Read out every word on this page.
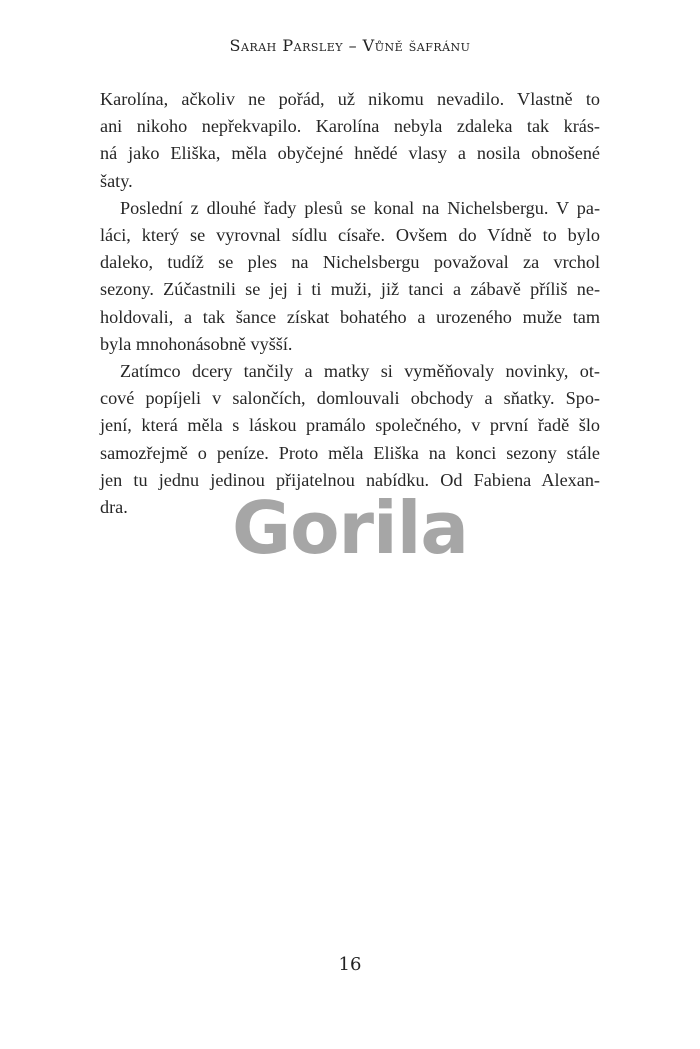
Sarah Parsley – Vůně šafránu

Karolína, ačkoliv ne pořád, už nikomu nevadilo. Vlastně to
ani nikoho nepřekvapilo. Karolína nebyla zdaleka tak krás-
ná jako Eliška, měla obyčejné hnědé vlasy a nosila obnošené
šaty.

Poslední z dlouhé řady plesů se konal na Nichelsbergu. V pa-
láci, který se vyrovnal sídlu císaře. Ovšem do Vídně to bylo
daleko, tudíž se ples na Nichelsbergu považoval za vrchol
sezony. Zúčastnili se jej i ti muži, již tanci a zábavě příliš ne-
holdovali, a tak šance získat bohatého a urozeného muže tam
byla mnohonásobně vyšší.

Zatímco dcery tančily a matky si vyměňovaly novinky, ot-
cové popíjeli v salončích, domlouvali obchody a sňatky. Spo-
jení, která měla s láskou pramálo společného, v první řadě šlo
samozřejmě o peníze. Proto měla Eliška na konci sezony stále
jen tu jednu jedinou přijatelnou nabídku. Od Fabiena Alexan-
dra.	Gorila
16
